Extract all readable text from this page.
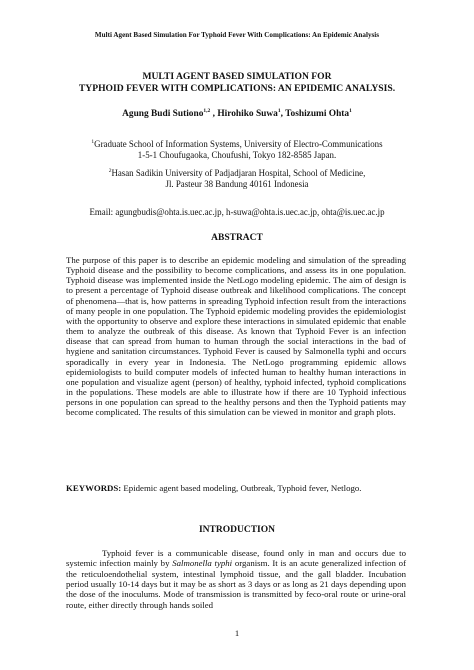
Multi Agent Based Simulation For Typhoid Fever With Complications: An Epidemic Analysis
MULTI AGENT BASED SIMULATION FOR
TYPHOID FEVER WITH COMPLICATIONS: AN EPIDEMIC ANALYSIS.
Agung Budi Sutiono$^{1,2}$ , Hirohiko Suwa$^1$, Toshizumi Ohta$^1$
$^1$Graduate School of Information Systems, University of Electro-Communications
1-5-1 Choufugaoka, Choufushi, Tokyo 182-8585 Japan.
$^2$Hasan Sadikin University of Padjadjaran Hospital, School of Medicine,
Jl. Pasteur 38 Bandung 40161 Indonesia
Email: agungbudis@ohta.is.uec.ac.jp, h-suwa@ohta.is.uec.ac.jp, ohta@is.uec.ac.jp
ABSTRACT

The purpose of this paper is to describe an epidemic modeling and simulation of the spreading Typhoid disease and the possibility to become complications, and assess its in one population. Typhoid disease was implemented inside the NetLogo modeling epidemic. The aim of design is to present a percentage of Typhoid disease outbreak and likelihood complications. The concept of phenomena—that is, how patterns in spreading Typhoid infection result from the interactions of many people in one population. The Typhoid epidemic modeling provides the epidemiologist with the opportunity to observe and explore these interactions in simulated epidemic that enable them to analyze the outbreak of this disease. As known that Typhoid Fever is an infection disease that can spread from human to human through the social interactions in the bad of hygiene and sanitation circumstances. Typhoid Fever is caused by Salmonella typhi and occurs sporadically in every year in Indonesia. The NetLogo programming epidemic allows epidemiologists to build computer models of infected human to healthy human interactions in one population and visualize agent (person) of healthy, typhoid infected, typhoid complications in the populations. These models are able to illustrate how if there are 10 Typhoid infectious persons in one population can spread to the healthy persons and then the Typhoid patients may become complicated. The results of this simulation can be viewed in monitor and graph plots.

KEYWORDS: Epidemic agent based modeling, Outbreak, Typhoid fever, Netlogo.

INTRODUCTION

Typhoid fever is a communicable disease, found only in man and occurs due to systemic infection mainly by Salmonella typhi organism. It is an acute generalized infection of the reticuloendothelial system, intestinal lymphoid tissue, and the gall bladder. Incubation period usually 10-14 days but it may be as short as 3 days or as long as 21 days depending upon the dose of the inoculums. Mode of transmission is transmitted by feco-oral route or urine-oral route, either directly through hands soiled

1
